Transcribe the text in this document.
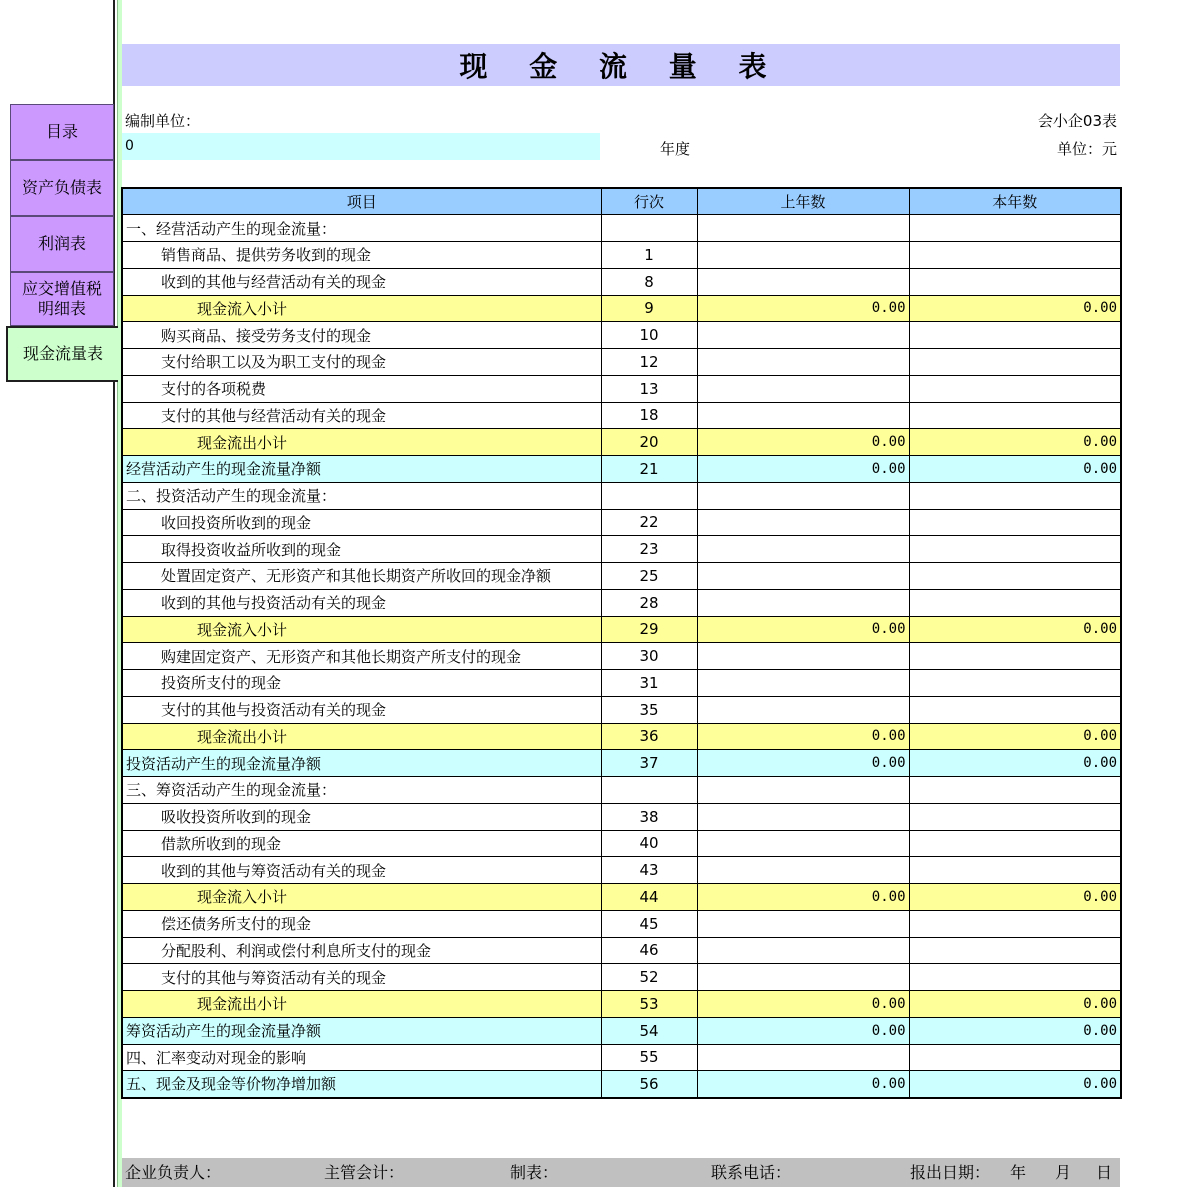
目录
资产负债表
利润表
应交增值税明细表
现金流量表
现 金 流 量 表
编制单位：
0	年度
会小企03表
单位：元
项目	行次	上年数	本年数
一、经营活动产生的现金流量：			
销售商品、提供劳务收到的现金	1		
收到的其他与经营活动有关的现金	8		
现金流入小计	9	0.00	0.00
购买商品、接受劳务支付的现金	10		
支付给职工以及为职工支付的现金	12		
支付的各项税费	13		
支付的其他与经营活动有关的现金	18		
现金流出小计	20	0.00	0.00
经营活动产生的现金流量净额	21	0.00	0.00
二、投资活动产生的现金流量：			
收回投资所收到的现金	22		
取得投资收益所收到的现金	23		
处置固定资产、无形资产和其他长期资产所收回的现金净额	25		
收到的其他与投资活动有关的现金	28		
现金流入小计	29	0.00	0.00
购建固定资产、无形资产和其他长期资产所支付的现金	30		
投资所支付的现金	31		
支付的其他与投资活动有关的现金	35		
现金流出小计	36	0.00	0.00
投资活动产生的现金流量净额	37	0.00	0.00
三、筹资活动产生的现金流量：			
吸收投资所收到的现金	38		
借款所收到的现金	40		
收到的其他与筹资活动有关的现金	43		
现金流入小计	44	0.00	0.00
偿还债务所支付的现金	45		
分配股利、利润或偿付利息所支付的现金	46		
支付的其他与筹资活动有关的现金	52		
现金流出小计	53	0.00	0.00
筹资活动产生的现金流量净额	54	0.00	0.00
四、汇率变动对现金的影响	55		
五、现金及现金等价物净增加额	56	0.00	0.00
企业负责人：	主管会计：	制表：	联系电话：	报出日期： 年 月 日
